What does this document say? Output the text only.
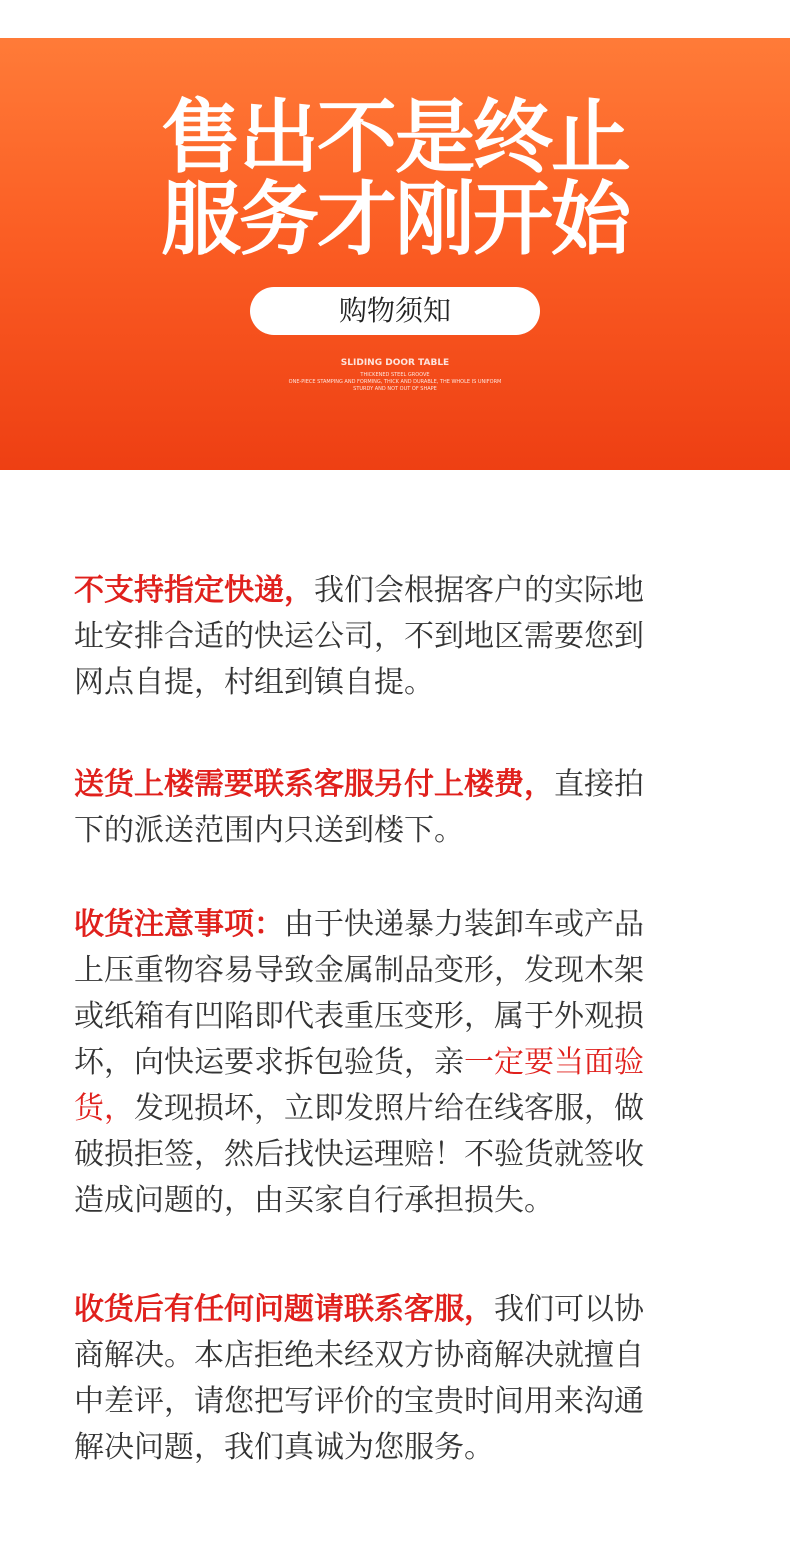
售出不是终止
服务才刚开始
购物须知
SLIDING DOOR TABLE
THICKENED STEEL GROOVE
ONE-PIECE STAMPING AND FORMING, THICK AND DURABLE, THE WHOLE IS UNIFORM
STURDY AND NOT OUT OF SHAPE
不支持指定快递，我们会根据客户的实际地
址安排合适的快运公司，不到地区需要您到
网点自提，村组到镇自提。
送货上楼需要联系客服另付上楼费，直接拍
下的派送范围内只送到楼下。
收货注意事项：由于快递暴力装卸车或产品
上压重物容易导致金属制品变形，发现木架
或纸箱有凹陷即代表重压变形，属于外观损
坏，向快运要求拆包验货，亲一定要当面验
货，发现损坏，立即发照片给在线客服，做
破损拒签，然后找快运理赔！不验货就签收
造成问题的，由买家自行承担损失。
收货后有任何问题请联系客服，我们可以协
商解决。本店拒绝未经双方协商解决就擅自
中差评，请您把写评价的宝贵时间用来沟通
解决问题，我们真诚为您服务。
